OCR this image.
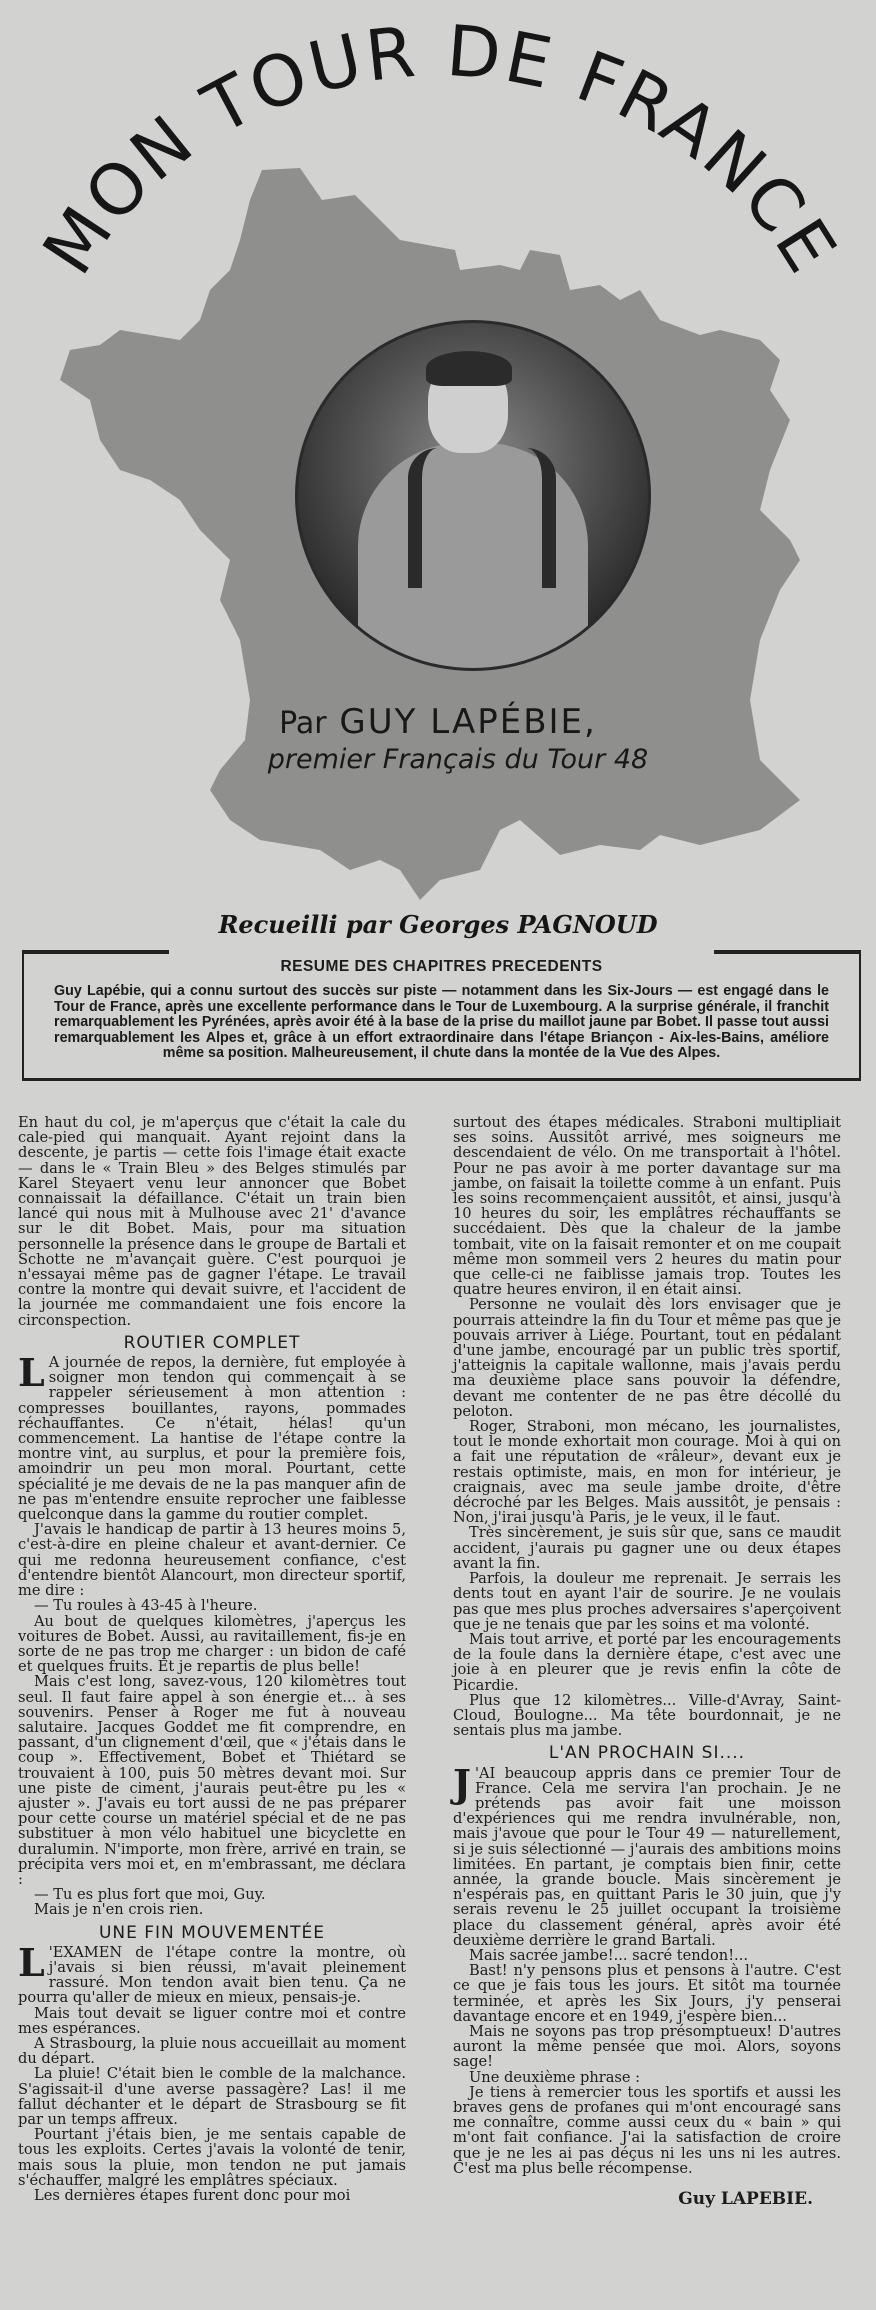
MON TOUR DE FRANCE
Par GUY LAPÉBIE,
premier Français du Tour 48
Recueilli par Georges PAGNOUD
RESUME DES CHAPITRES PRECEDENTS
Guy Lapébie, qui a connu surtout des succès sur piste — notamment dans les Six-Jours — est engagé dans le Tour de France, après une excellente performance dans le Tour de Luxembourg. A la surprise générale, il franchit remarquablement les Pyrénées, après avoir été à la base de la prise du maillot jaune par Bobet. Il passe tout aussi remarquablement les Alpes et, grâce à un effort extraordinaire dans l'étape Briançon - Aix-les-Bains, améliore même sa position. Malheureusement, il chute dans la montée de la Vue des Alpes.

En haut du col, je m'aperçus que c'était la cale du cale-pied qui manquait. Ayant rejoint dans la descente, je partis — cette fois l'image était exacte — dans le « Train Bleu » des Belges stimulés par Karel Steyaert venu leur annoncer que Bobet connaissait la défaillance. C'était un train bien lancé qui nous mit à Mulhouse avec 21' d'avance sur le dit Bobet. Mais, pour ma situation personnelle la présence dans le groupe de Bartali et Schotte ne m'avançait guère. C'est pourquoi je n'essayai même pas de gagner l'étape. Le travail contre la montre qui devait suivre, et l'accident de la journée me commandaient une fois encore la circonspection.

ROUTIER COMPLET

L A journée de repos, la dernière, fut employée à soigner mon tendon qui commençait à se rappeler sérieusement à mon attention : compresses bouillantes, rayons, pommades réchauffantes. Ce n'était, hélas! qu'un commencement. La hantise de l'étape contre la montre vint, au surplus, et pour la première fois, amoindrir un peu mon moral. Pourtant, cette spécialité je me devais de ne la pas manquer afin de ne pas m'entendre ensuite reprocher une faiblesse quelconque dans la gamme du routier complet.

J'avais le handicap de partir à 13 heures moins 5, c'est-à-dire en pleine chaleur et avant-dernier. Ce qui me redonna heureusement confiance, c'est d'entendre bientôt Alancourt, mon directeur sportif, me dire :

— Tu roules à 43-45 à l'heure.

Au bout de quelques kilomètres, j'aperçus les voitures de Bobet. Aussi, au ravitaillement, fis-je en sorte de ne pas trop me charger : un bidon de café et quelques fruits. Et je repartis de plus belle!

Mais c'est long, savez-vous, 120 kilomètres tout seul. Il faut faire appel à son énergie et... à ses souvenirs. Penser à Roger me fut à nouveau salutaire. Jacques Goddet me fit comprendre, en passant, d'un clignement d'œil, que « j'étais dans le coup ». Effectivement, Bobet et Thiétard se trouvaient à 100, puis 50 mètres devant moi. Sur une piste de ciment, j'aurais peut-être pu les « ajuster ». J'avais eu tort aussi de ne pas préparer pour cette course un matériel spécial et de ne pas substituer à mon vélo habituel une bicyclette en duralumin. N'importe, mon frère, arrivé en train, se précipita vers moi et, en m'embrassant, me déclara :

— Tu es plus fort que moi, Guy.

Mais je n'en crois rien.

UNE FIN MOUVEMENTÉE

L 'EXAMEN de l'étape contre la montre, où j'avais si bien réussi, m'avait pleinement rassuré. Mon tendon avait bien tenu. Ça ne pourra qu'aller de mieux en mieux, pensais-je.

Mais tout devait se liguer contre moi et contre mes espérances.

A Strasbourg, la pluie nous accueillait au moment du départ.

La pluie! C'était bien le comble de la malchance. S'agissait-il d'une averse passagère? Las! il me fallut déchanter et le départ de Strasbourg se fit par un temps affreux.

Pourtant j'étais bien, je me sentais capable de tous les exploits. Certes j'avais la volonté de tenir, mais sous la pluie, mon tendon ne put jamais s'échauffer, malgré les emplâtres spéciaux.

Les dernières étapes furent donc pour moi

surtout des étapes médicales. Straboni multipliait ses soins. Aussitôt arrivé, mes soigneurs me descendaient de vélo. On me transportait à l'hôtel. Pour ne pas avoir à me porter davantage sur ma jambe, on faisait la toilette comme à un enfant. Puis les soins recommençaient aussitôt, et ainsi, jusqu'à 10 heures du soir, les emplâtres réchauffants se succédaient. Dès que la chaleur de la jambe tombait, vite on la faisait remonter et on me coupait même mon sommeil vers 2 heures du matin pour que celle-ci ne faiblisse jamais trop. Toutes les quatre heures environ, il en était ainsi.

Personne ne voulait dès lors envisager que je pourrais atteindre la fin du Tour et même pas que je pouvais arriver à Liége. Pourtant, tout en pédalant d'une jambe, encouragé par un public très sportif, j'atteignis la capitale wallonne, mais j'avais perdu ma deuxième place sans pouvoir la défendre, devant me contenter de ne pas être décollé du peloton.

Roger, Straboni, mon mécano, les journalistes, tout le monde exhortait mon courage. Moi à qui on a fait une réputation de «râleur», devant eux je restais optimiste, mais, en mon for intérieur, je craignais, avec ma seule jambe droite, d'être décroché par les Belges. Mais aussitôt, je pensais : Non, j'irai jusqu'à Paris, je le veux, il le faut.

Très sincèrement, je suis sûr que, sans ce maudit accident, j'aurais pu gagner une ou deux étapes avant la fin.

Parfois, la douleur me reprenait. Je serrais les dents tout en ayant l'air de sourire. Je ne voulais pas que mes plus proches adversaires s'aperçoivent que je ne tenais que par les soins et ma volonté.

Mais tout arrive, et porté par les encouragements de la foule dans la dernière étape, c'est avec une joie à en pleurer que je revis enfin la côte de Picardie.

Plus que 12 kilomètres... Ville-d'Avray, Saint-Cloud, Boulogne... Ma tête bourdonnait, je ne sentais plus ma jambe.

L'AN PROCHAIN SI....

J 'AI beaucoup appris dans ce premier Tour de France. Cela me servira l'an prochain. Je ne prétends pas avoir fait une moisson d'expériences qui me rendra invulnérable, non, mais j'avoue que pour le Tour 49 — naturellement, si je suis sélectionné — j'aurais des ambitions moins limitées. En partant, je comptais bien finir, cette année, la grande boucle. Mais sincèrement je n'espérais pas, en quittant Paris le 30 juin, que j'y serais revenu le 25 juillet occupant la troisième place du classement général, après avoir été deuxième derrière le grand Bartali.

Mais sacrée jambe!... sacré tendon!...

Bast! n'y pensons plus et pensons à l'autre. C'est ce que je fais tous les jours. Et sitôt ma tournée terminée, et après les Six Jours, j'y penserai davantage encore et en 1949, j'espère bien...

Mais ne soyons pas trop présomptueux! D'autres auront la même pensée que moi. Alors, soyons sage!

Une deuxième phrase :

Je tiens à remercier tous les sportifs et aussi les braves gens de profanes qui m'ont encouragé sans me connaître, comme aussi ceux du « bain » qui m'ont fait confiance. J'ai la satisfaction de croire que je ne les ai pas déçus ni les uns ni les autres. C'est ma plus belle récompense.

Guy LAPEBIE.
